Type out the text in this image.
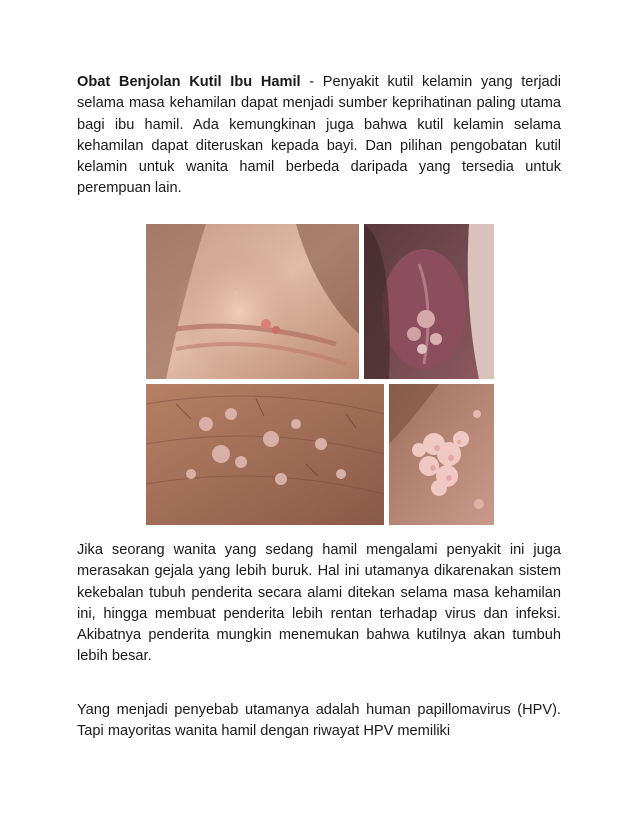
Obat Benjolan Kutil Ibu Hamil - Penyakit kutil kelamin yang terjadi selama masa kehamilan dapat menjadi sumber keprihatinan paling utama bagi ibu hamil. Ada kemungkinan juga bahwa kutil kelamin selama kehamilan dapat diteruskan kepada bayi. Dan pilihan pengobatan kutil kelamin untuk wanita hamil berbeda daripada yang tersedia untuk perempuan lain.

Jika seorang wanita yang sedang hamil mengalami penyakit ini juga merasakan gejala yang lebih buruk. Hal ini utamanya dikarenakan sistem kekebalan tubuh penderita secara alami ditekan selama masa kehamilan ini, hingga membuat penderita lebih rentan terhadap virus dan infeksi. Akibatnya penderita mungkin menemukan bahwa kutilnya akan tumbuh lebih besar.

Yang menjadi penyebab utamanya adalah human papillomavirus (HPV). Tapi mayoritas wanita hamil dengan riwayat HPV memiliki
